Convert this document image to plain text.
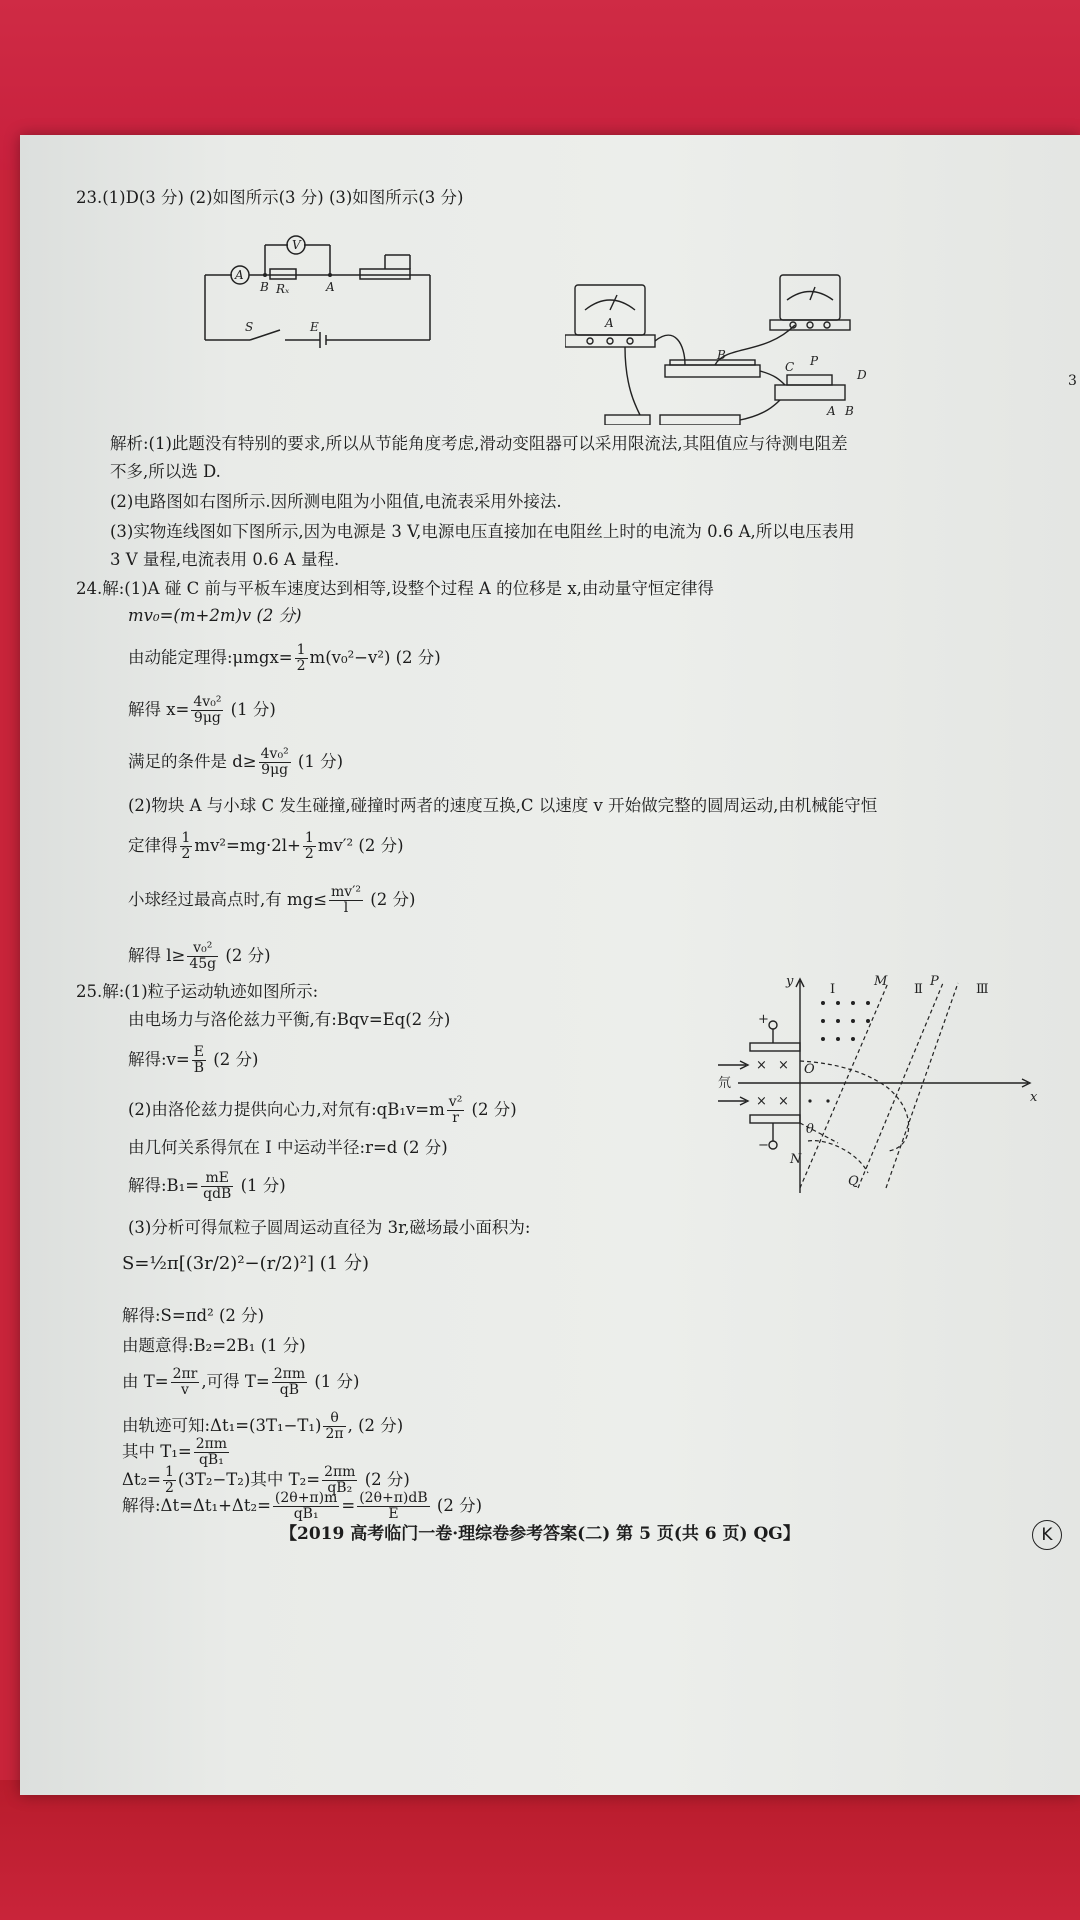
3
23.(1)D(3 分) (2)如图所示(3 分) (3)如图所示(3 分)
A
V
B Rₓ	A
S	E	A
B
C P
D
A B
解析:(1)此题没有特别的要求,所以从节能角度考虑,滑动变阻器可以采用限流法,其阻值应与待测电阻差
不多,所以选 D.
(2)电路图如右图所示.因所测电阻为小阻值,电流表采用外接法.
(3)实物连线图如下图所示,因为电源是 3 V,电源电压直接加在电阻丝上时的电流为 0.6 A,所以电压表用
3 V 量程,电流表用 0.6 A 量程.
24.解:(1)A 碰 C 前与平板车速度达到相等,设整个过程 A 的位移是 x,由动量守恒定律得
mv₀=(m+2m)v (2 分)
由动能定理得:μmgx= $\frac{1}{2} m(v_0^2-v^2)$ (2 分)
解得 $x= \frac{\text{4v₀²}}{9\mu g} (1$ 分)
满足的条件是 $d\ge \frac{\text{4v₀²}}{9\mu g} (1$ 分)
(2)物块 A 与小球 C 发生碰撞,碰撞时两者的速度互换,C 以速度 v 开始做完整的圆周运动,由机械能守恒
定律得 $\frac{1}{2} mv^2=mg\cdot 2l+ \frac{1}{2} mv'^2$ (2 分)
小球经过最高点时,有 $mg\le \frac{\text{mv′²}}{l} (2$ 分)
解得 $l\ge \frac{\text{v₀²}}{45g} (2$ 分)
25.解:(1)粒子运动轨迹如图所示:
由电场力与洛伦兹力平衡,有:Bqv=Eq(2 分)
解得:v= $\frac{E}{B} (2$ 分)
(2)由洛伦兹力提供向心力,对氘有:qB₁v=m $\frac{\text{v²}}{r} (2$ 分)
由几何关系得氘在 Ⅰ 中运动半径:r=d (2 分)
解得:B₁= $\frac{mE}{\text{qdB}} (1$ 分)
(3)分析可得氚粒子圆周运动直径为 3r,磁场最小面积为:
S=½π[(3r/2)²−(r/2)²] (1 分)
解得:S=πd² (2 分)
由题意得:B₂=2B₁ (1 分)
由 $T= \frac{2\pi r}{v}$ ,可得 $T= \frac{2\pi m}{qB} (1$ 分)
由轨迹可知:Δt₁=(3T₁−T₁) $\frac{\theta}{2\pi}$ , (2 分)
其中 $T_1= \frac{2\pi m}{\text{qB₁}}$
$\Delta t_2= \frac{1}{2} (3T_2-T_2)$其中 $T_2= \frac{2\pi m}{\text{qB₂}} (2$ 分)
解得:Δt=Δt₁+Δt₂= $\frac{(2\theta+\pi)m}{\text{qB₁}} = \frac{(2\theta+\pi)dB}{E} (2$ 分)
× ×
× ×
y
x
O
M	P
N
Q
θ
Ⅰ	Ⅱ	Ⅲ
+
−
氘
【2019 高考临门一卷·理综卷参考答案(二) 第 5 页(共 6 页) QG】	K
